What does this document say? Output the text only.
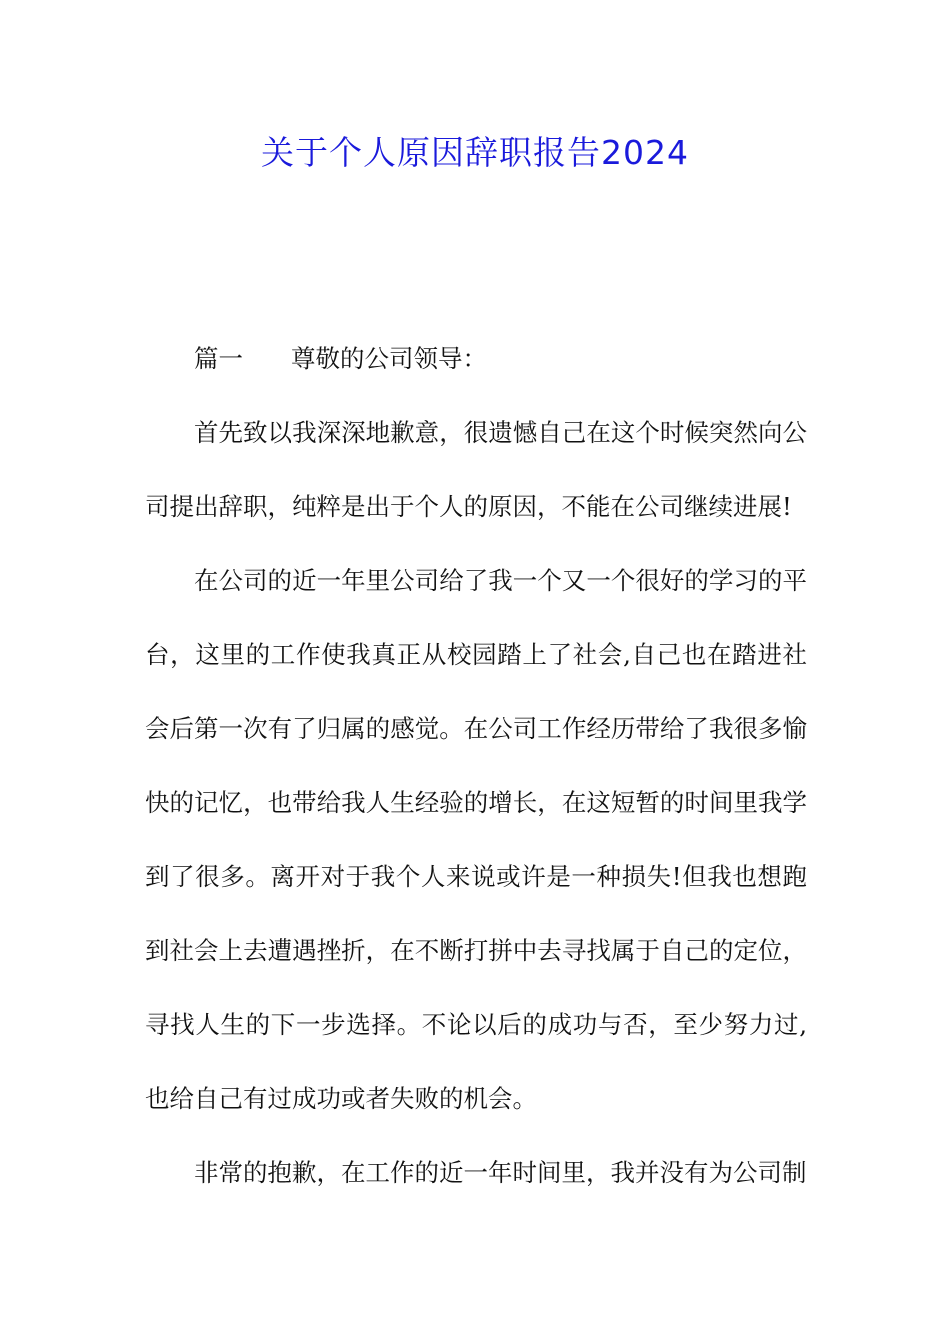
关于个人原因辞职报告2024

篇一 尊敬的公司领导：

首先致以我深深地歉意，很遗憾自己在这个时候突然向公司提出辞职，纯粹是出于个人的原因，不能在公司继续进展!

在公司的近一年里公司给了我一个又一个很好的学习的平台，这里的工作使我真正从校园踏上了社会,自己也在踏进社会后第一次有了归属的感觉。在公司工作经历带给了我很多愉快的记忆，也带给我人生经验的增长，在这短暂的时间里我学到了很多。离开对于我个人来说或许是一种损失!但我也想跑到社会上去遭遇挫折，在不断打拼中去寻找属于自己的定位，寻找人生的下一步选择。不论以后的成功与否，至少努力过,也给自己有过成功或者失败的机会。

非常的抱歉，在工作的近一年时间里，我并没有为公司制
